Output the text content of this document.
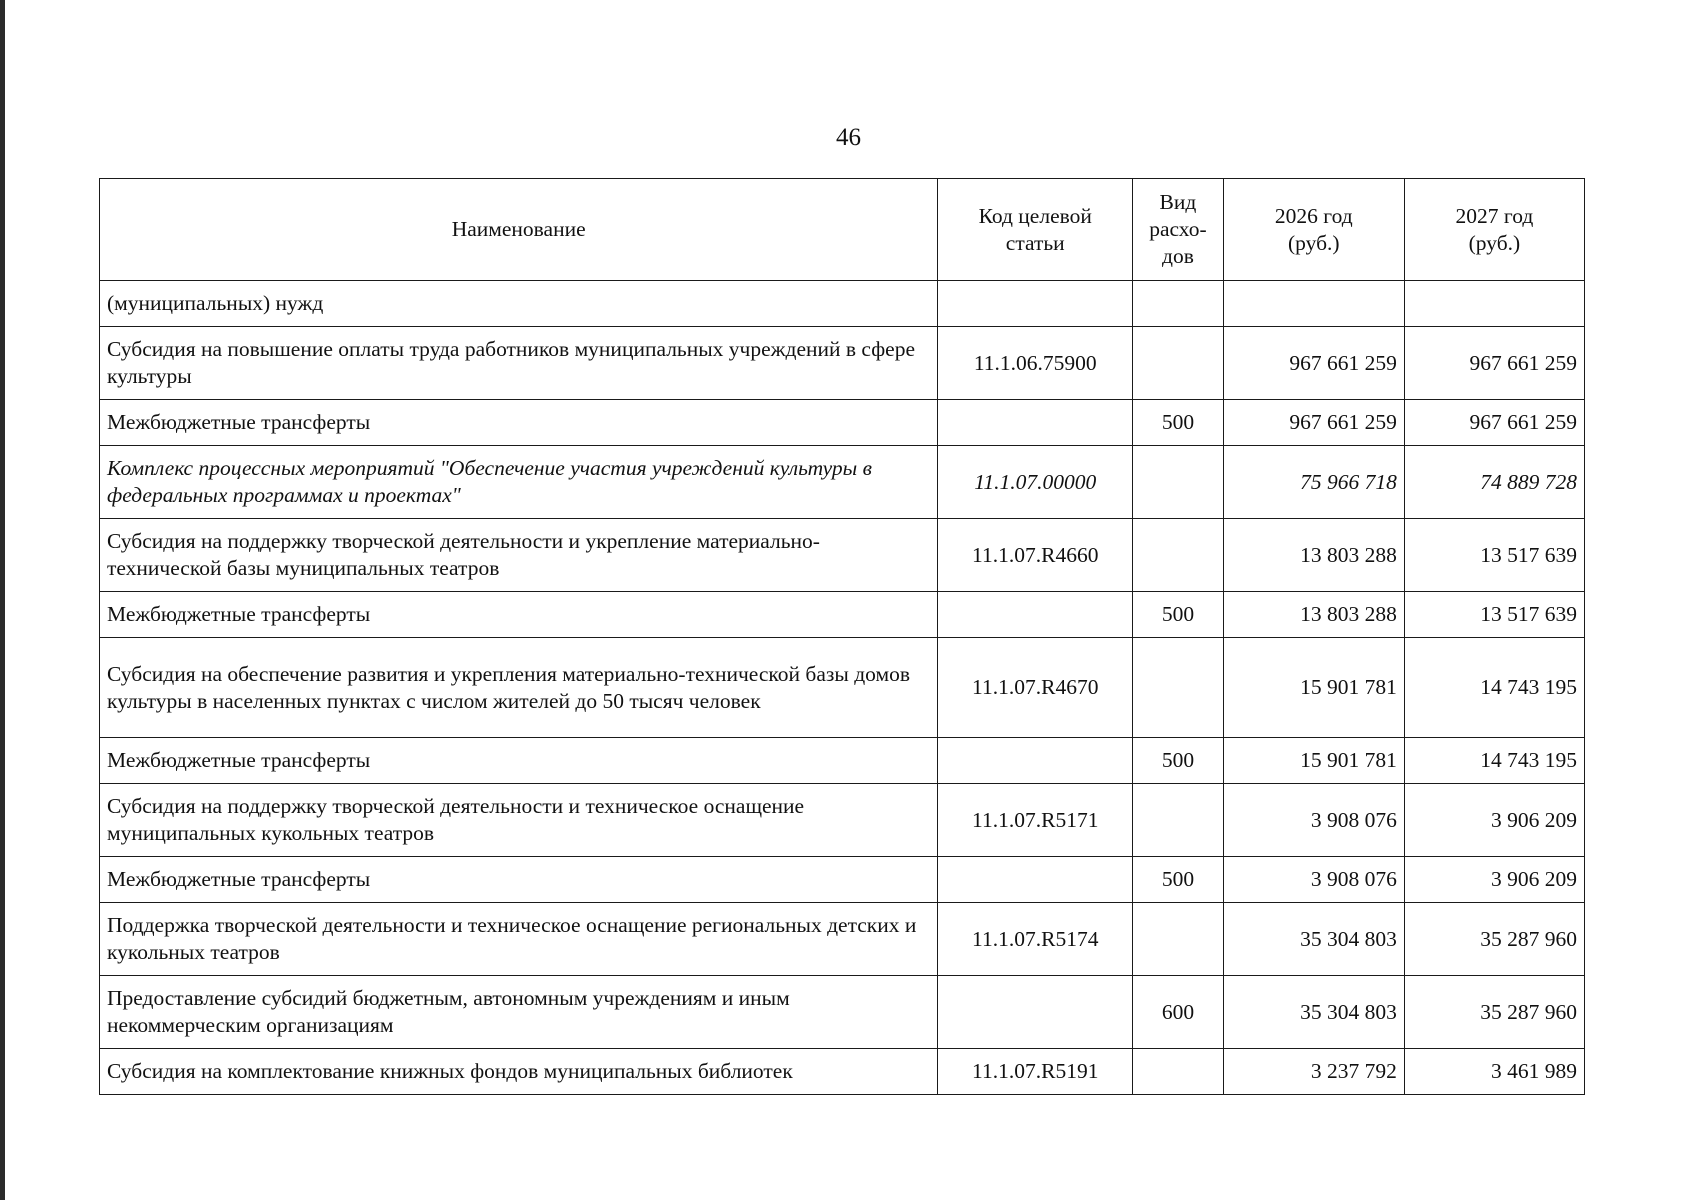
46
Наименование	Код целевой статьи	Вид расхо-дов	2026 год (руб.)	2027 год (руб.)

(муниципальных) нужд				
Субсидия на повышение оплаты труда работников муниципальных учреждений в сфере культуры	11.1.06.75900		967 661 259	967 661 259
Межбюджетные трансферты		500	967 661 259	967 661 259
Комплекс процессных мероприятий "Обеспечение участия учреждений культуры в федеральных программах и проектах"	11.1.07.00000		75 966 718	74 889 728
Субсидия на поддержку творческой деятельности и укрепление материально-технической базы муниципальных театров	11.1.07.R4660		13 803 288	13 517 639
Межбюджетные трансферты		500	13 803 288	13 517 639
Субсидия на обеспечение развития и укрепления материально-технической базы домов культуры в населенных пунктах с числом жителей до 50 тысяч человек	11.1.07.R4670		15 901 781	14 743 195
Межбюджетные трансферты		500	15 901 781	14 743 195
Субсидия на поддержку творческой деятельности и техническое оснащение муниципальных кукольных театров	11.1.07.R5171		3 908 076	3 906 209
Межбюджетные трансферты		500	3 908 076	3 906 209
Поддержка творческой деятельности и техническое оснащение региональных детских и кукольных театров	11.1.07.R5174		35 304 803	35 287 960
Предоставление субсидий бюджетным, автономным учреждениям и иным некоммерческим организациям		600	35 304 803	35 287 960
Субсидия на комплектование книжных фондов муниципальных библиотек	11.1.07.R5191		3 237 792	3 461 989
